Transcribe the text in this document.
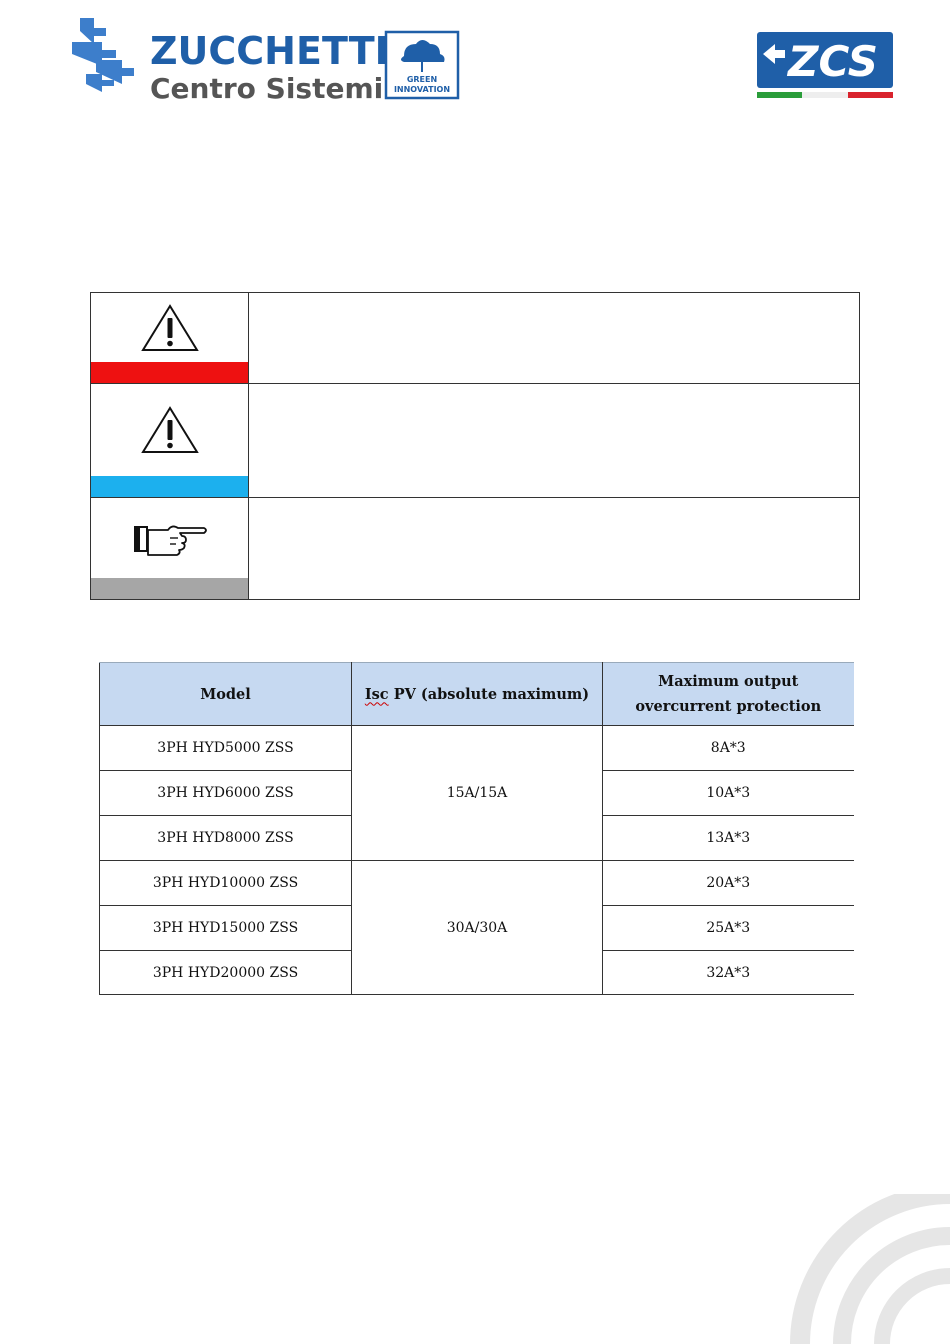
ZUCCHETTI
Centro Sistemi	GREEN
INNOVATION
ZCS
Model	Isc PV (absolute maximum)	Maximum output overcurrent protection
3PH HYD5000 ZSS	15A/15A	8A*3
3PH HYD6000 ZSS		10A*3
3PH HYD8000 ZSS		13A*3
3PH HYD10000 ZSS	30A/30A	20A*3
3PH HYD15000 ZSS		25A*3
3PH HYD20000 ZSS		32A*3
